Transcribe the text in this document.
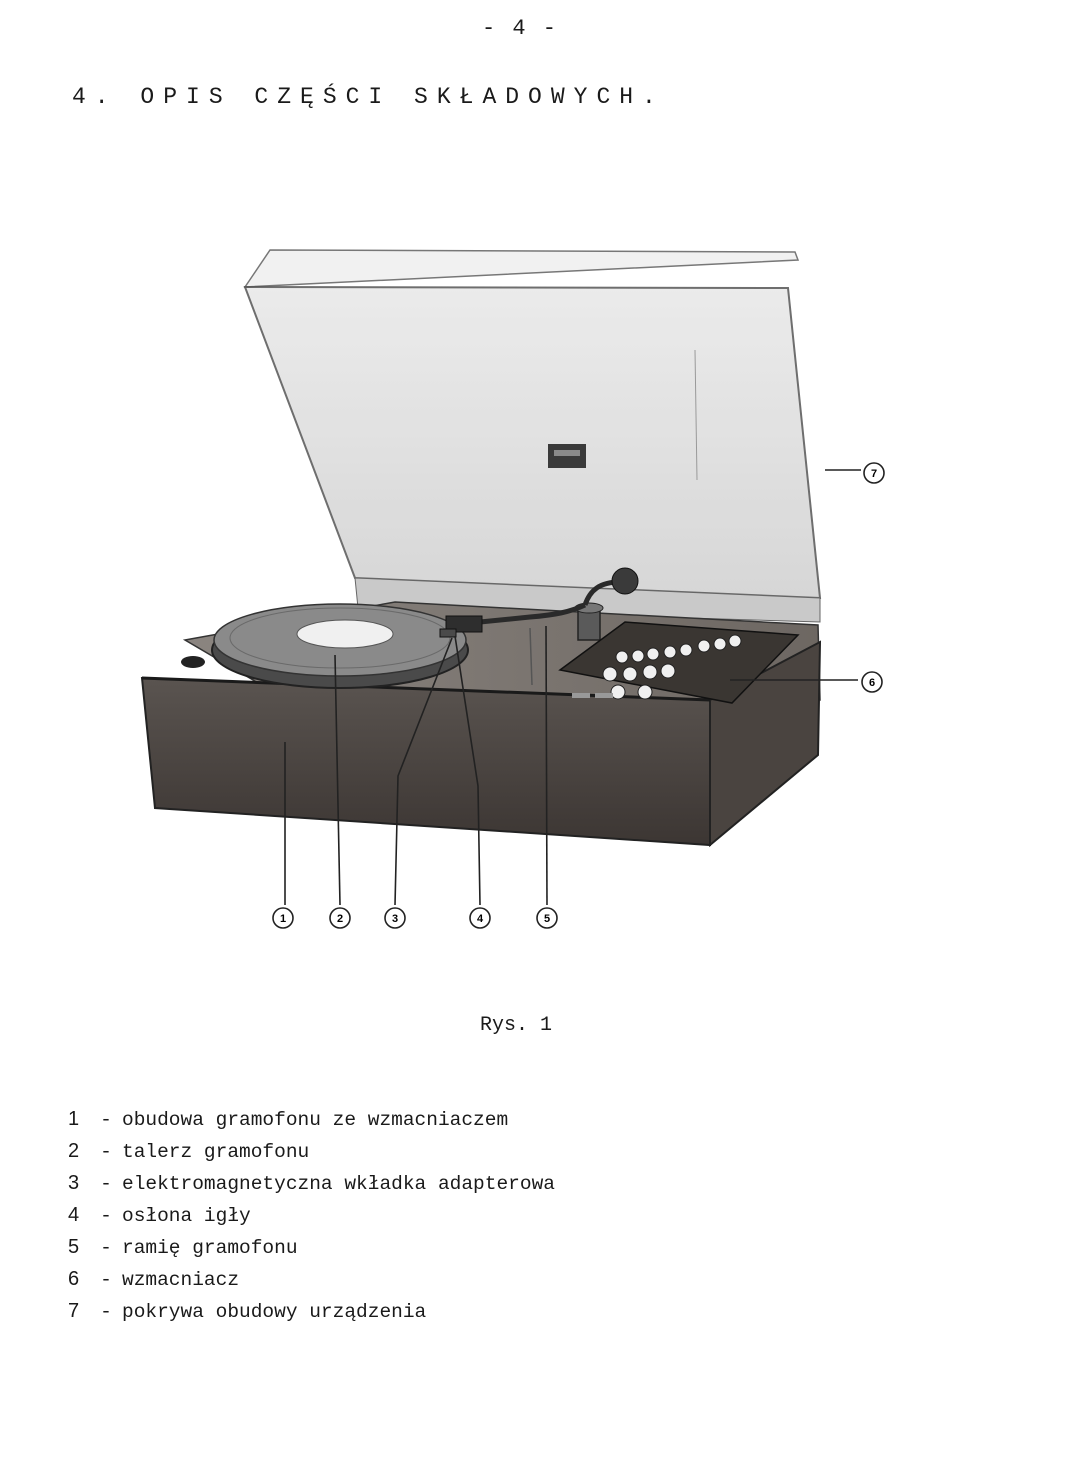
- 4 -
4. OPIS CZĘŚCI SKŁADOWYCH.
1	2	3	4	5
6
7
Rys. 1
1 - obudowa gramofonu ze wzmacniaczem
2 - talerz gramofonu
3 - elektromagnetyczna wkładka adapterowa
4 - osłona igły
5 - ramię gramofonu
6 - wzmacniacz
7 - pokrywa obudowy urządzenia
